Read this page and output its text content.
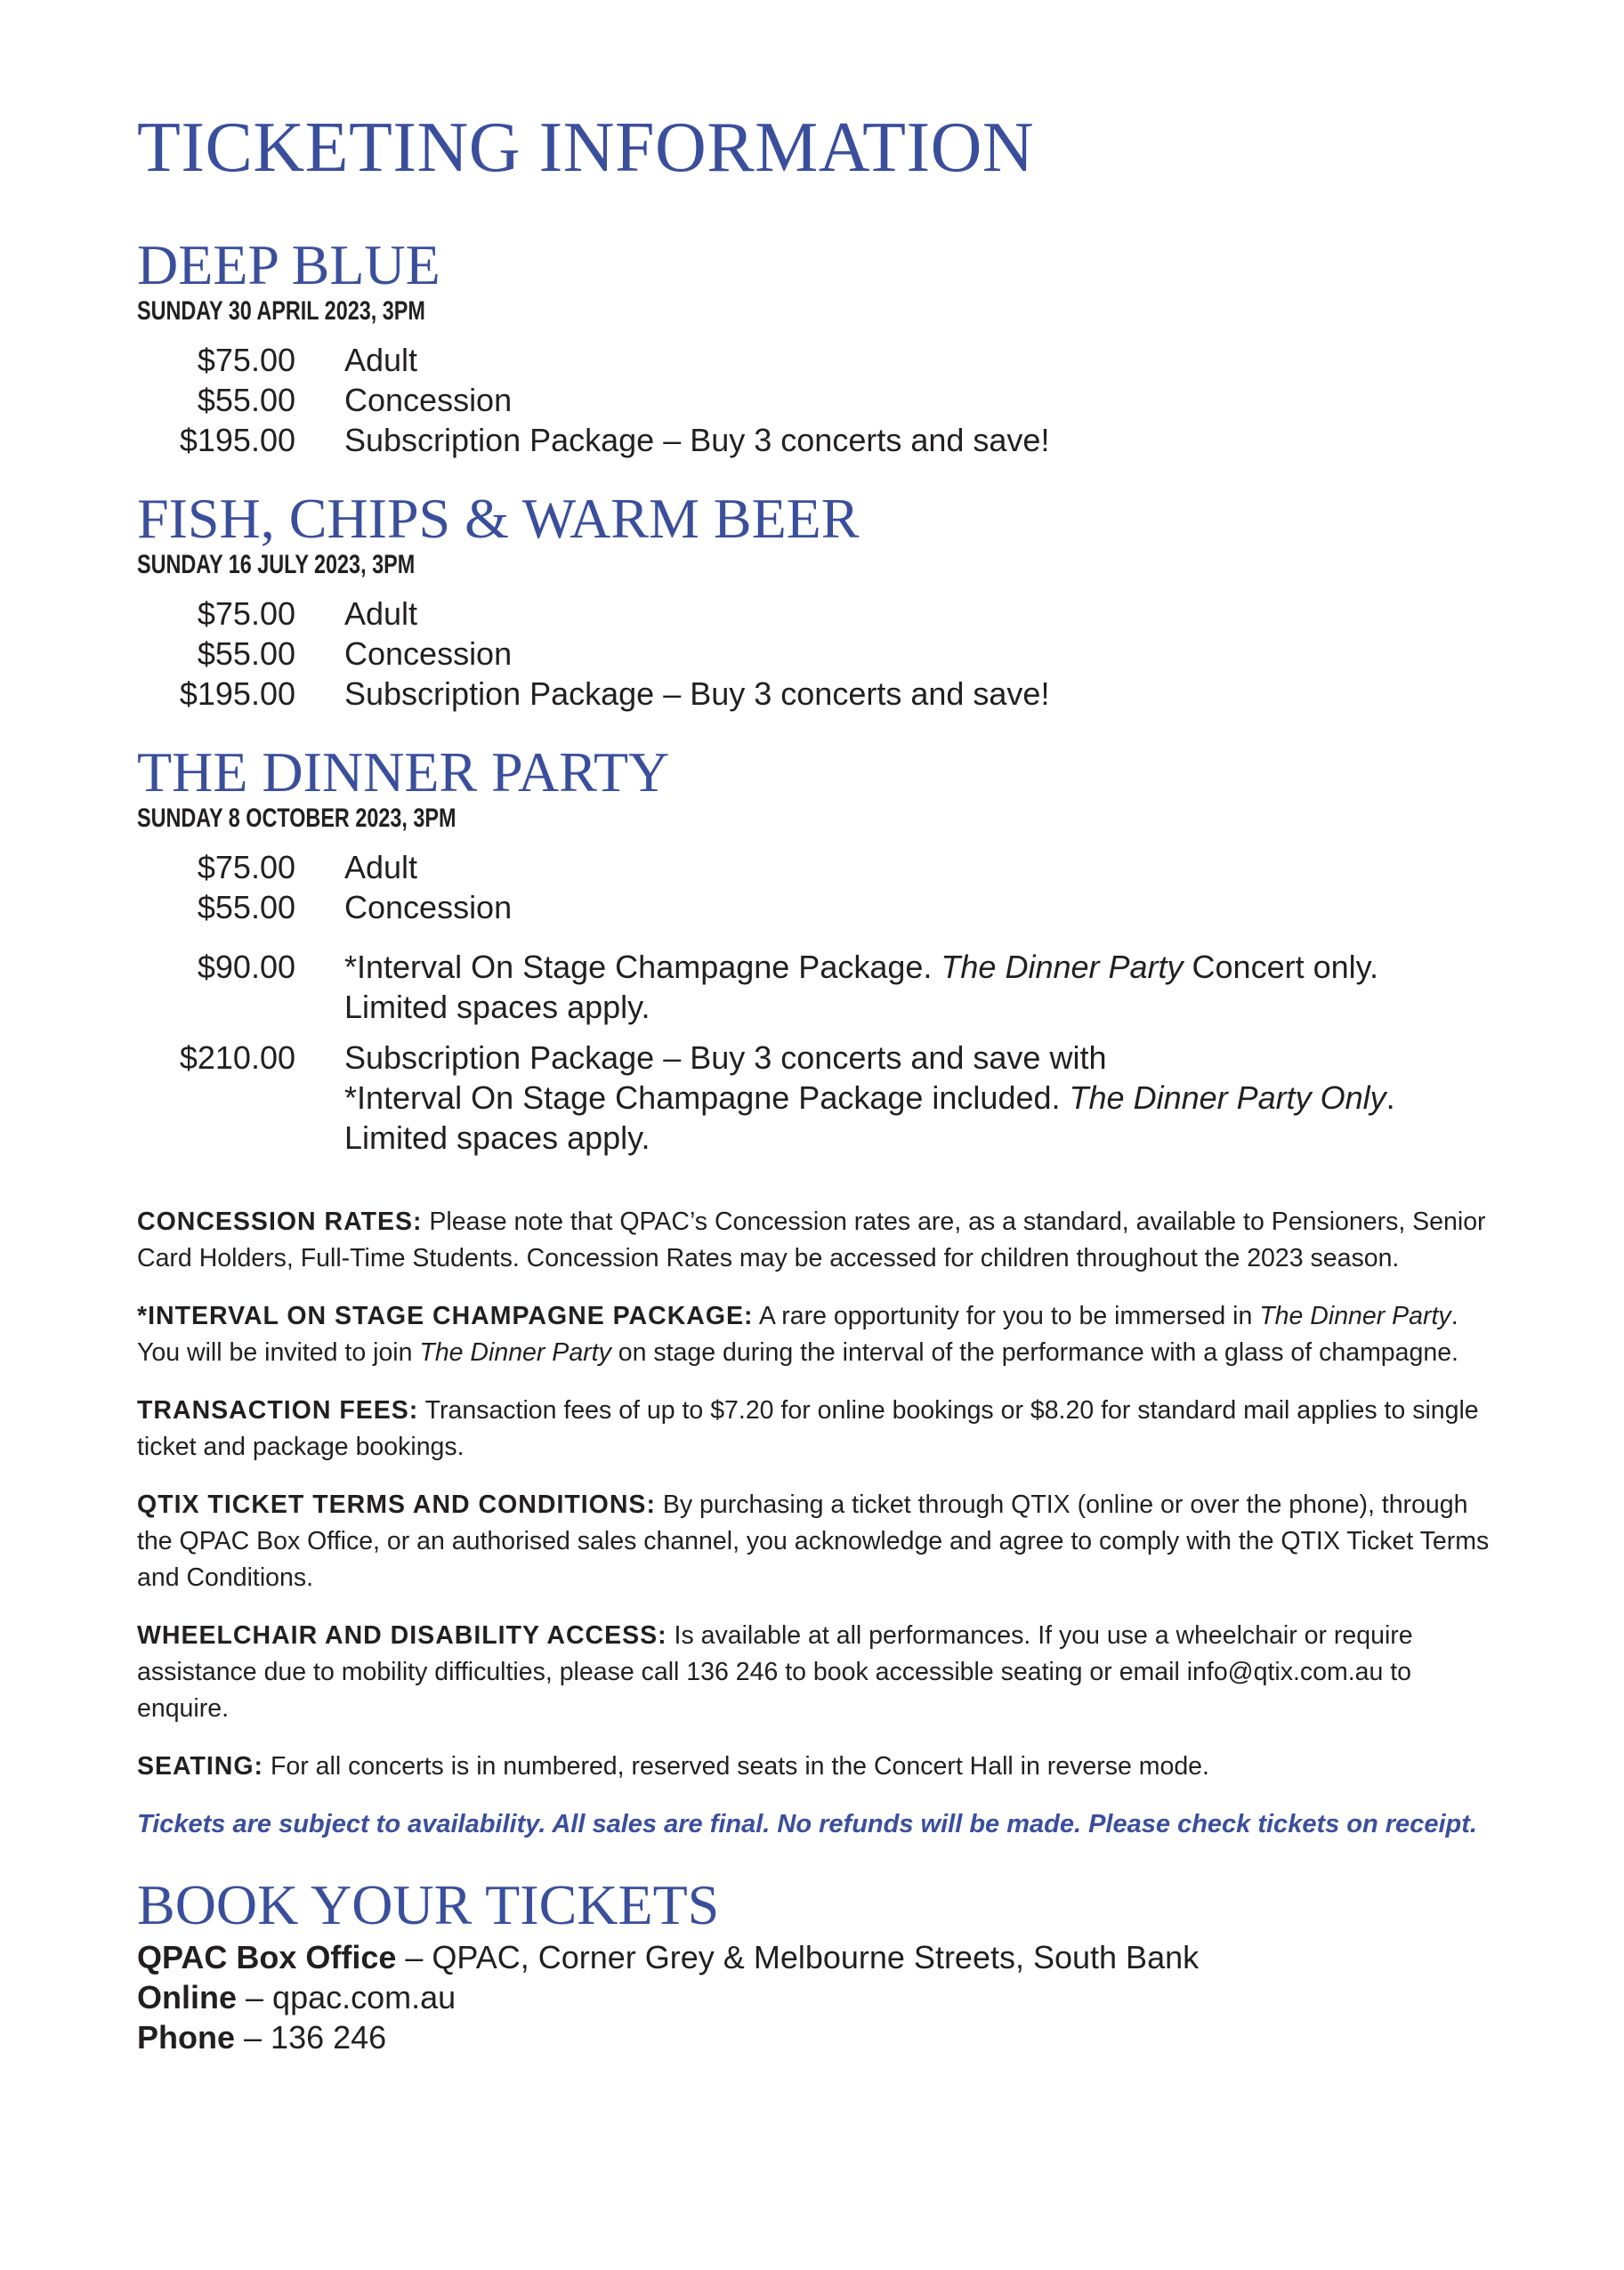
TICKETING INFORMATION
DEEP BLUE
SUNDAY 30 APRIL 2023, 3PM
$75.00	Adult
$55.00	Concession
$195.00	Subscription Package – Buy 3 concerts and save!
FISH, CHIPS & WARM BEER
SUNDAY 16 JULY 2023, 3PM
$75.00	Adult
$55.00	Concession
$195.00	Subscription Package – Buy 3 concerts and save!
THE DINNER PARTY
SUNDAY 8 OCTOBER 2023, 3PM
$75.00	Adult
$55.00	Concession
$90.00	*Interval On Stage Champagne Package. The Dinner Party Concert only.
Limited spaces apply.
$210.00	Subscription Package – Buy 3 concerts and save with
*Interval On Stage Champagne Package included. The Dinner Party Only.
Limited spaces apply.

CONCESSION RATES: Please note that QPAC’s Concession rates are, as a standard, available to Pensioners, Senior Card Holders, Full-Time Students. Concession Rates may be accessed for children throughout the 2023 season.

*INTERVAL ON STAGE CHAMPAGNE PACKAGE: A rare opportunity for you to be immersed in The Dinner Party. You will be invited to join The Dinner Party on stage during the interval of the performance with a glass of champagne.

TRANSACTION FEES: Transaction fees of up to $7.20 for online bookings or $8.20 for standard mail applies to single ticket and package bookings.

QTIX TICKET TERMS AND CONDITIONS: By purchasing a ticket through QTIX (online or over the phone), through the QPAC Box Office, or an authorised sales channel, you acknowledge and agree to comply with the QTIX Ticket Terms and Conditions.

WHEELCHAIR AND DISABILITY ACCESS: Is available at all performances. If you use a wheelchair or require assistance due to mobility difficulties, please call 136 246 to book accessible seating or email info@qtix.com.au to enquire.

SEATING: For all concerts is in numbered, reserved seats in the Concert Hall in reverse mode.

Tickets are subject to availability. All sales are final. No refunds will be made. Please check tickets on receipt.

BOOK YOUR TICKETS
QPAC Box Office – QPAC, Corner Grey & Melbourne Streets, South Bank
Online – qpac.com.au
Phone – 136 246
